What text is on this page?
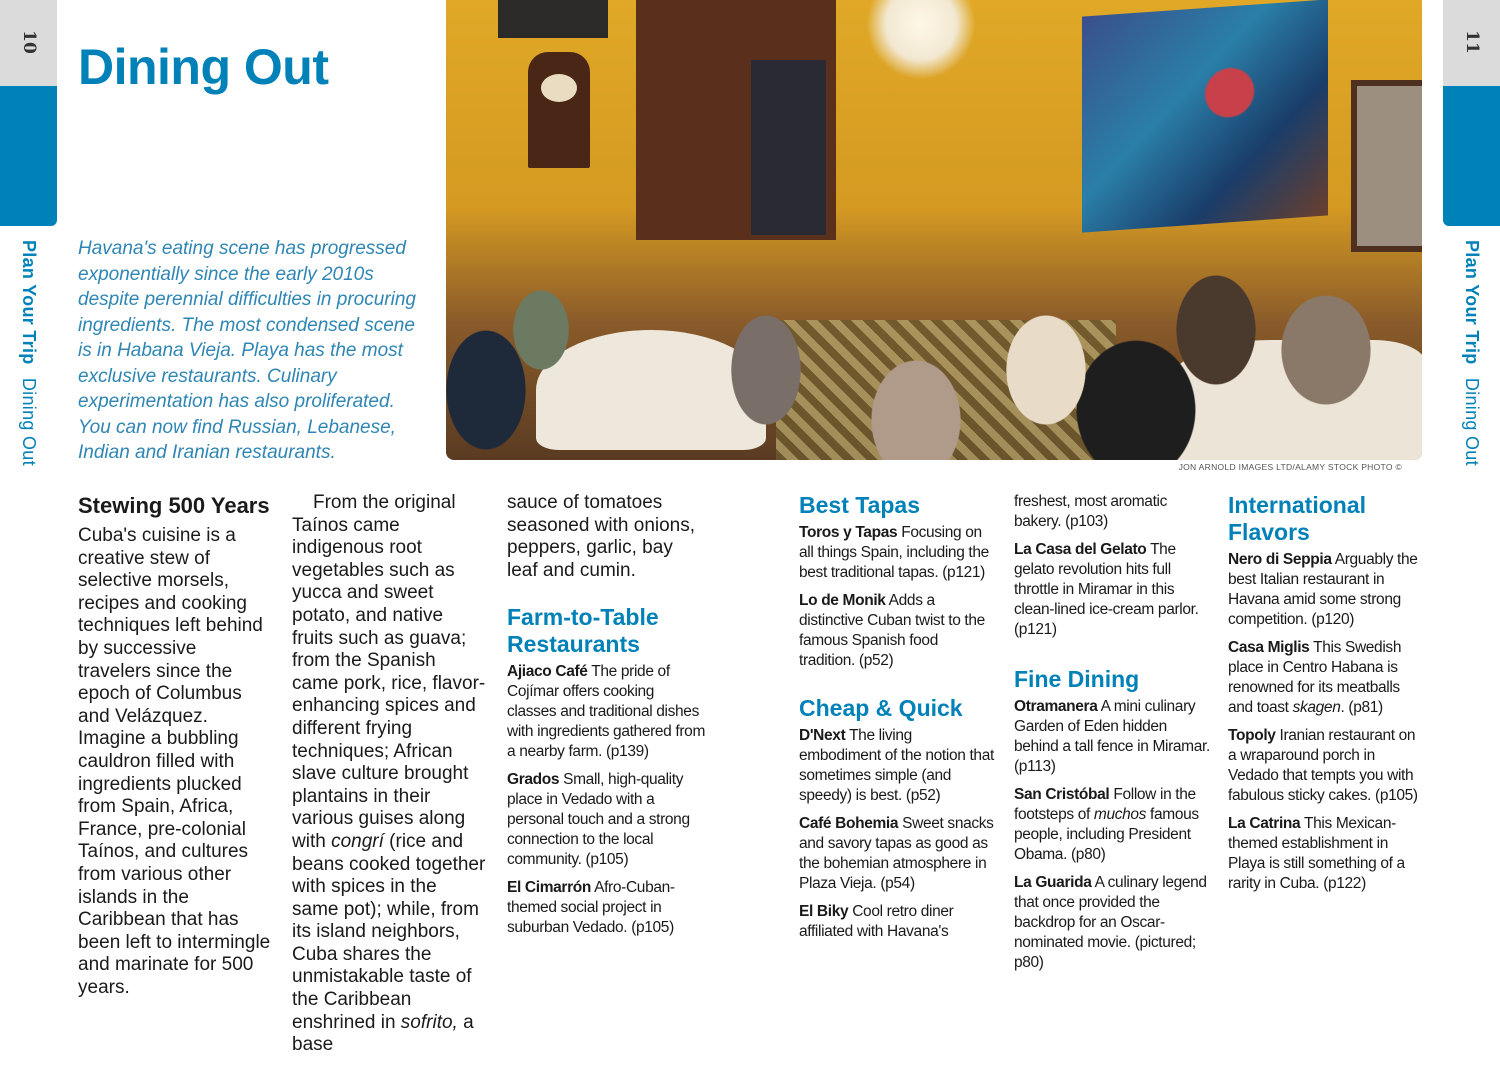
10
Plan Your Trip Dining Out
11
Plan Your Trip Dining Out
Dining Out

Havana's eating scene has progressed exponentially since the early 2010s despite perennial difficulties in procuring ingredients. The most condensed scene is in Habana Vieja. Playa has the most exclusive restaurants. Culinary experimentation has also proliferated. You can now find Russian, Lebanese, Indian and Iranian restaurants.

JON ARNOLD IMAGES LTD/ALAMY STOCK PHOTO ©
Stewing 500 Years

Cuba's cuisine is a creative stew of selective morsels, recipes and cooking techniques left behind by successive travelers since the epoch of Columbus and Velázquez. Imagine a bubbling cauldron filled with ingredients plucked from Spain, Africa, France, pre-colonial Taínos, and cultures from various other islands in the Caribbean that has been left to intermingle and marinate for 500 years.

From the original Taínos came indigenous root vegetables such as yucca and sweet potato, and native fruits such as guava; from the Spanish came pork, rice, flavor-enhancing spices and different frying techniques; African slave culture brought plantains in their various guises along with congrí (rice and beans cooked together with spices in the same pot); while, from its island neighbors, Cuba shares the unmistakable taste of the Caribbean enshrined in sofrito, a base

sauce of tomatoes seasoned with onions, peppers, garlic, bay leaf and cumin.

Farm-to-Table Restaurants

Ajiaco Café The pride of Cojímar offers cooking classes and traditional dishes with ingredients gathered from a nearby farm. (p139)

Grados Small, high-quality place in Vedado with a personal touch and a strong connection to the local community. (p105)

El Cimarrón Afro-Cuban-themed social project in suburban Vedado. (p105)

Best Tapas

Toros y Tapas Focusing on all things Spain, including the best traditional tapas. (p121)

Lo de Monik Adds a distinctive Cuban twist to the famous Spanish food tradition. (p52)

Cheap & Quick

D'Next The living embodiment of the notion that sometimes simple (and speedy) is best. (p52)

Café Bohemia Sweet snacks and savory tapas as good as the bohemian atmosphere in Plaza Vieja. (p54)

El Biky Cool retro diner affiliated with Havana's

freshest, most aromatic bakery. (p103)

La Casa del Gelato The gelato revolution hits full throttle in Miramar in this clean-lined ice-cream parlor. (p121)

Fine Dining

Otramanera A mini culinary Garden of Eden hidden behind a tall fence in Miramar. (p113)

San Cristóbal Follow in the footsteps of muchos famous people, including President Obama. (p80)

La Guarida A culinary legend that once provided the backdrop for an Oscar-nominated movie. (pictured; p80)

International Flavors

Nero di Seppia Arguably the best Italian restaurant in Havana amid some strong competition. (p120)

Casa Miglis This Swedish place in Centro Habana is renowned for its meatballs and toast skagen. (p81)

Topoly Iranian restaurant on a wraparound porch in Vedado that tempts you with fabulous sticky cakes. (p105)

La Catrina This Mexican-themed establishment in Playa is still something of a rarity in Cuba. (p122)
